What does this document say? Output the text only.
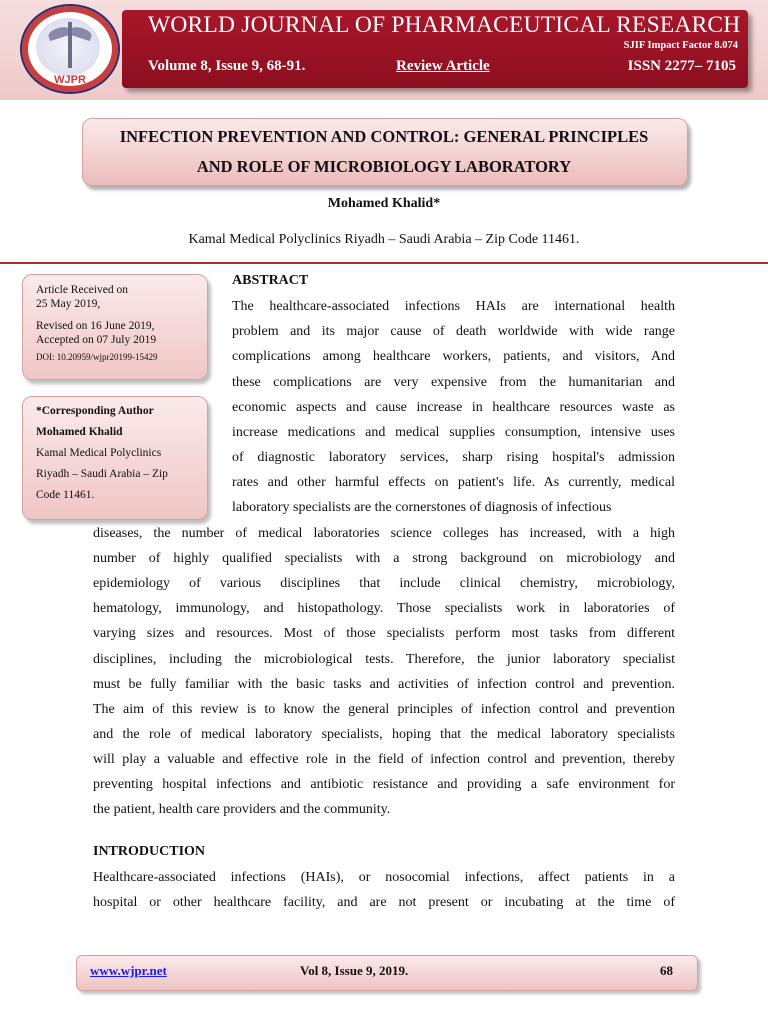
WJPR
WORLD JOURNAL OF PHARMACEUTICAL RESEARCH
SJIF Impact Factor 8.074
Volume 8, Issue 9, 68-91.	Review Article	ISSN 2277– 7105
INFECTION PREVENTION AND CONTROL: GENERAL PRINCIPLES
AND ROLE OF MICROBIOLOGY LABORATORY
Mohamed Khalid*
Kamal Medical Polyclinics Riyadh – Saudi Arabia – Zip Code 11461.
Article Received on
25 May 2019,
Revised on 16 June 2019,
Accepted on 07 July 2019
DOI: 10.20959/wjpr20199-15429
*Corresponding Author
Mohamed Khalid
Kamal Medical Polyclinics
Riyadh – Saudi Arabia – Zip
Code 11461.
ABSTRACT
The healthcare-associated infections HAIs are international health
problem and its major cause of death worldwide with wide range
complications among healthcare workers, patients, and visitors, And
these complications are very expensive from the humanitarian and
economic aspects and cause increase in healthcare resources waste as
increase medications and medical supplies consumption, intensive uses
of diagnostic laboratory services, sharp rising hospital's admission
rates and other harmful effects on patient's life. As currently, medical
laboratory specialists are the cornerstones of diagnosis of infectious
diseases, the number of medical laboratories science colleges has increased, with a high
number of highly qualified specialists with a strong background on microbiology and
epidemiology of various disciplines that include clinical chemistry, microbiology,
hematology, immunology, and histopathology. Those specialists work in laboratories of
varying sizes and resources. Most of those specialists perform most tasks from different
disciplines, including the microbiological tests. Therefore, the junior laboratory specialist
must be fully familiar with the basic tasks and activities of infection control and prevention.
The aim of this review is to know the general principles of infection control and prevention
and the role of medical laboratory specialists, hoping that the medical laboratory specialists
will play a valuable and effective role in the field of infection control and prevention, thereby
preventing hospital infections and antibiotic resistance and providing a safe environment for
the patient, health care providers and the community.
INTRODUCTION
Healthcare-associated infections (HAIs), or nosocomial infections, affect patients in a
hospital or other healthcare facility, and are not present or incubating at the time of
www.wjpr.net	Vol 8, Issue 9, 2019.	68
